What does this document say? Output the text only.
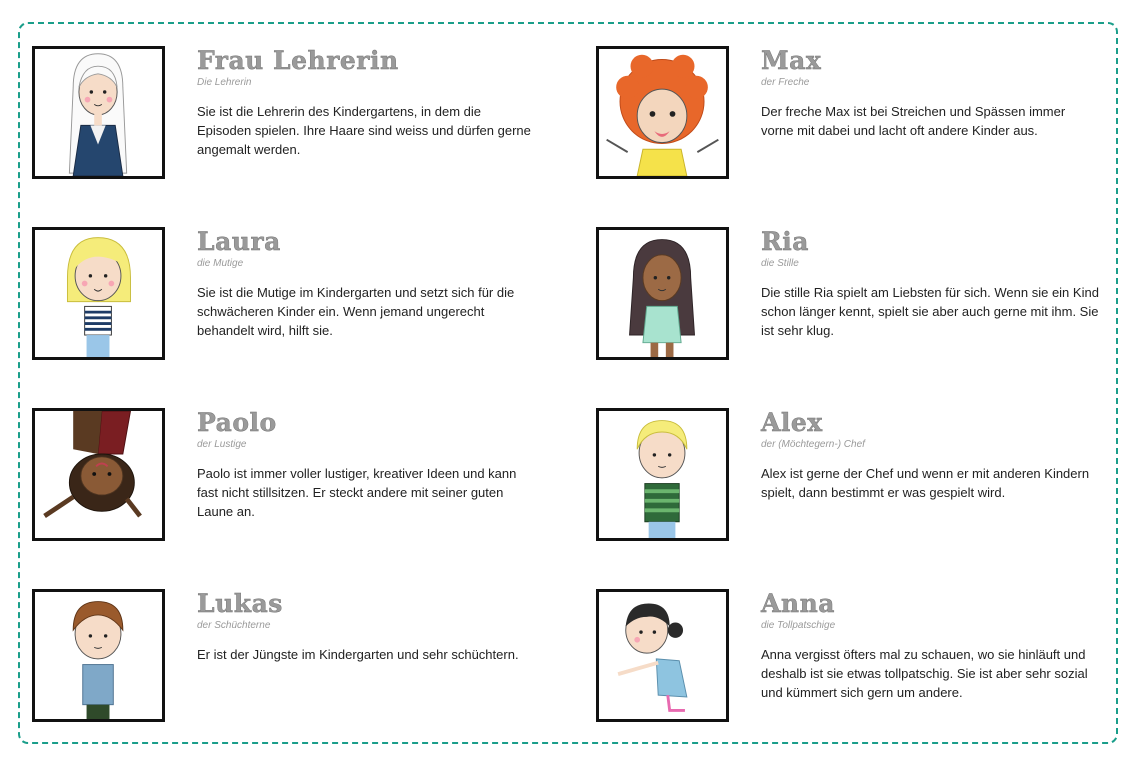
Frau Lehrerin
Die Lehrerin
Sie ist die Lehrerin des Kindergartens, in dem die Episoden spielen. Ihre Haare sind weiss und dürfen gerne angemalt werden.
Max
der Freche
Der freche Max ist bei Streichen und Spässen immer vorne mit dabei und lacht oft andere Kinder aus.
Laura
die Mutige
Sie ist die Mutige im Kindergarten und setzt sich für die schwächeren Kinder ein. Wenn jemand ungerecht behandelt wird, hilft sie.
Ria
die Stille
Die stille Ria spielt am Liebsten für sich. Wenn sie ein Kind schon länger kennt, spielt sie aber auch gerne mit ihm. Sie ist sehr klug.
Paolo
der Lustige
Paolo ist immer voller lustiger, kreativer Ideen und kann fast nicht stillsitzen. Er steckt andere mit seiner guten Laune an.
Alex
der (Möchtegern-) Chef
Alex ist gerne der Chef und wenn er mit anderen Kindern spielt, dann bestimmt er was gespielt wird.
Lukas
der Schüchterne
Er ist der Jüngste im Kindergarten und sehr schüchtern.
Anna
die Tollpatschige
Anna vergisst öfters mal zu schauen, wo sie hinläuft und deshalb ist sie etwas tollpatschig. Sie ist aber sehr sozial und kümmert sich gern um andere.
